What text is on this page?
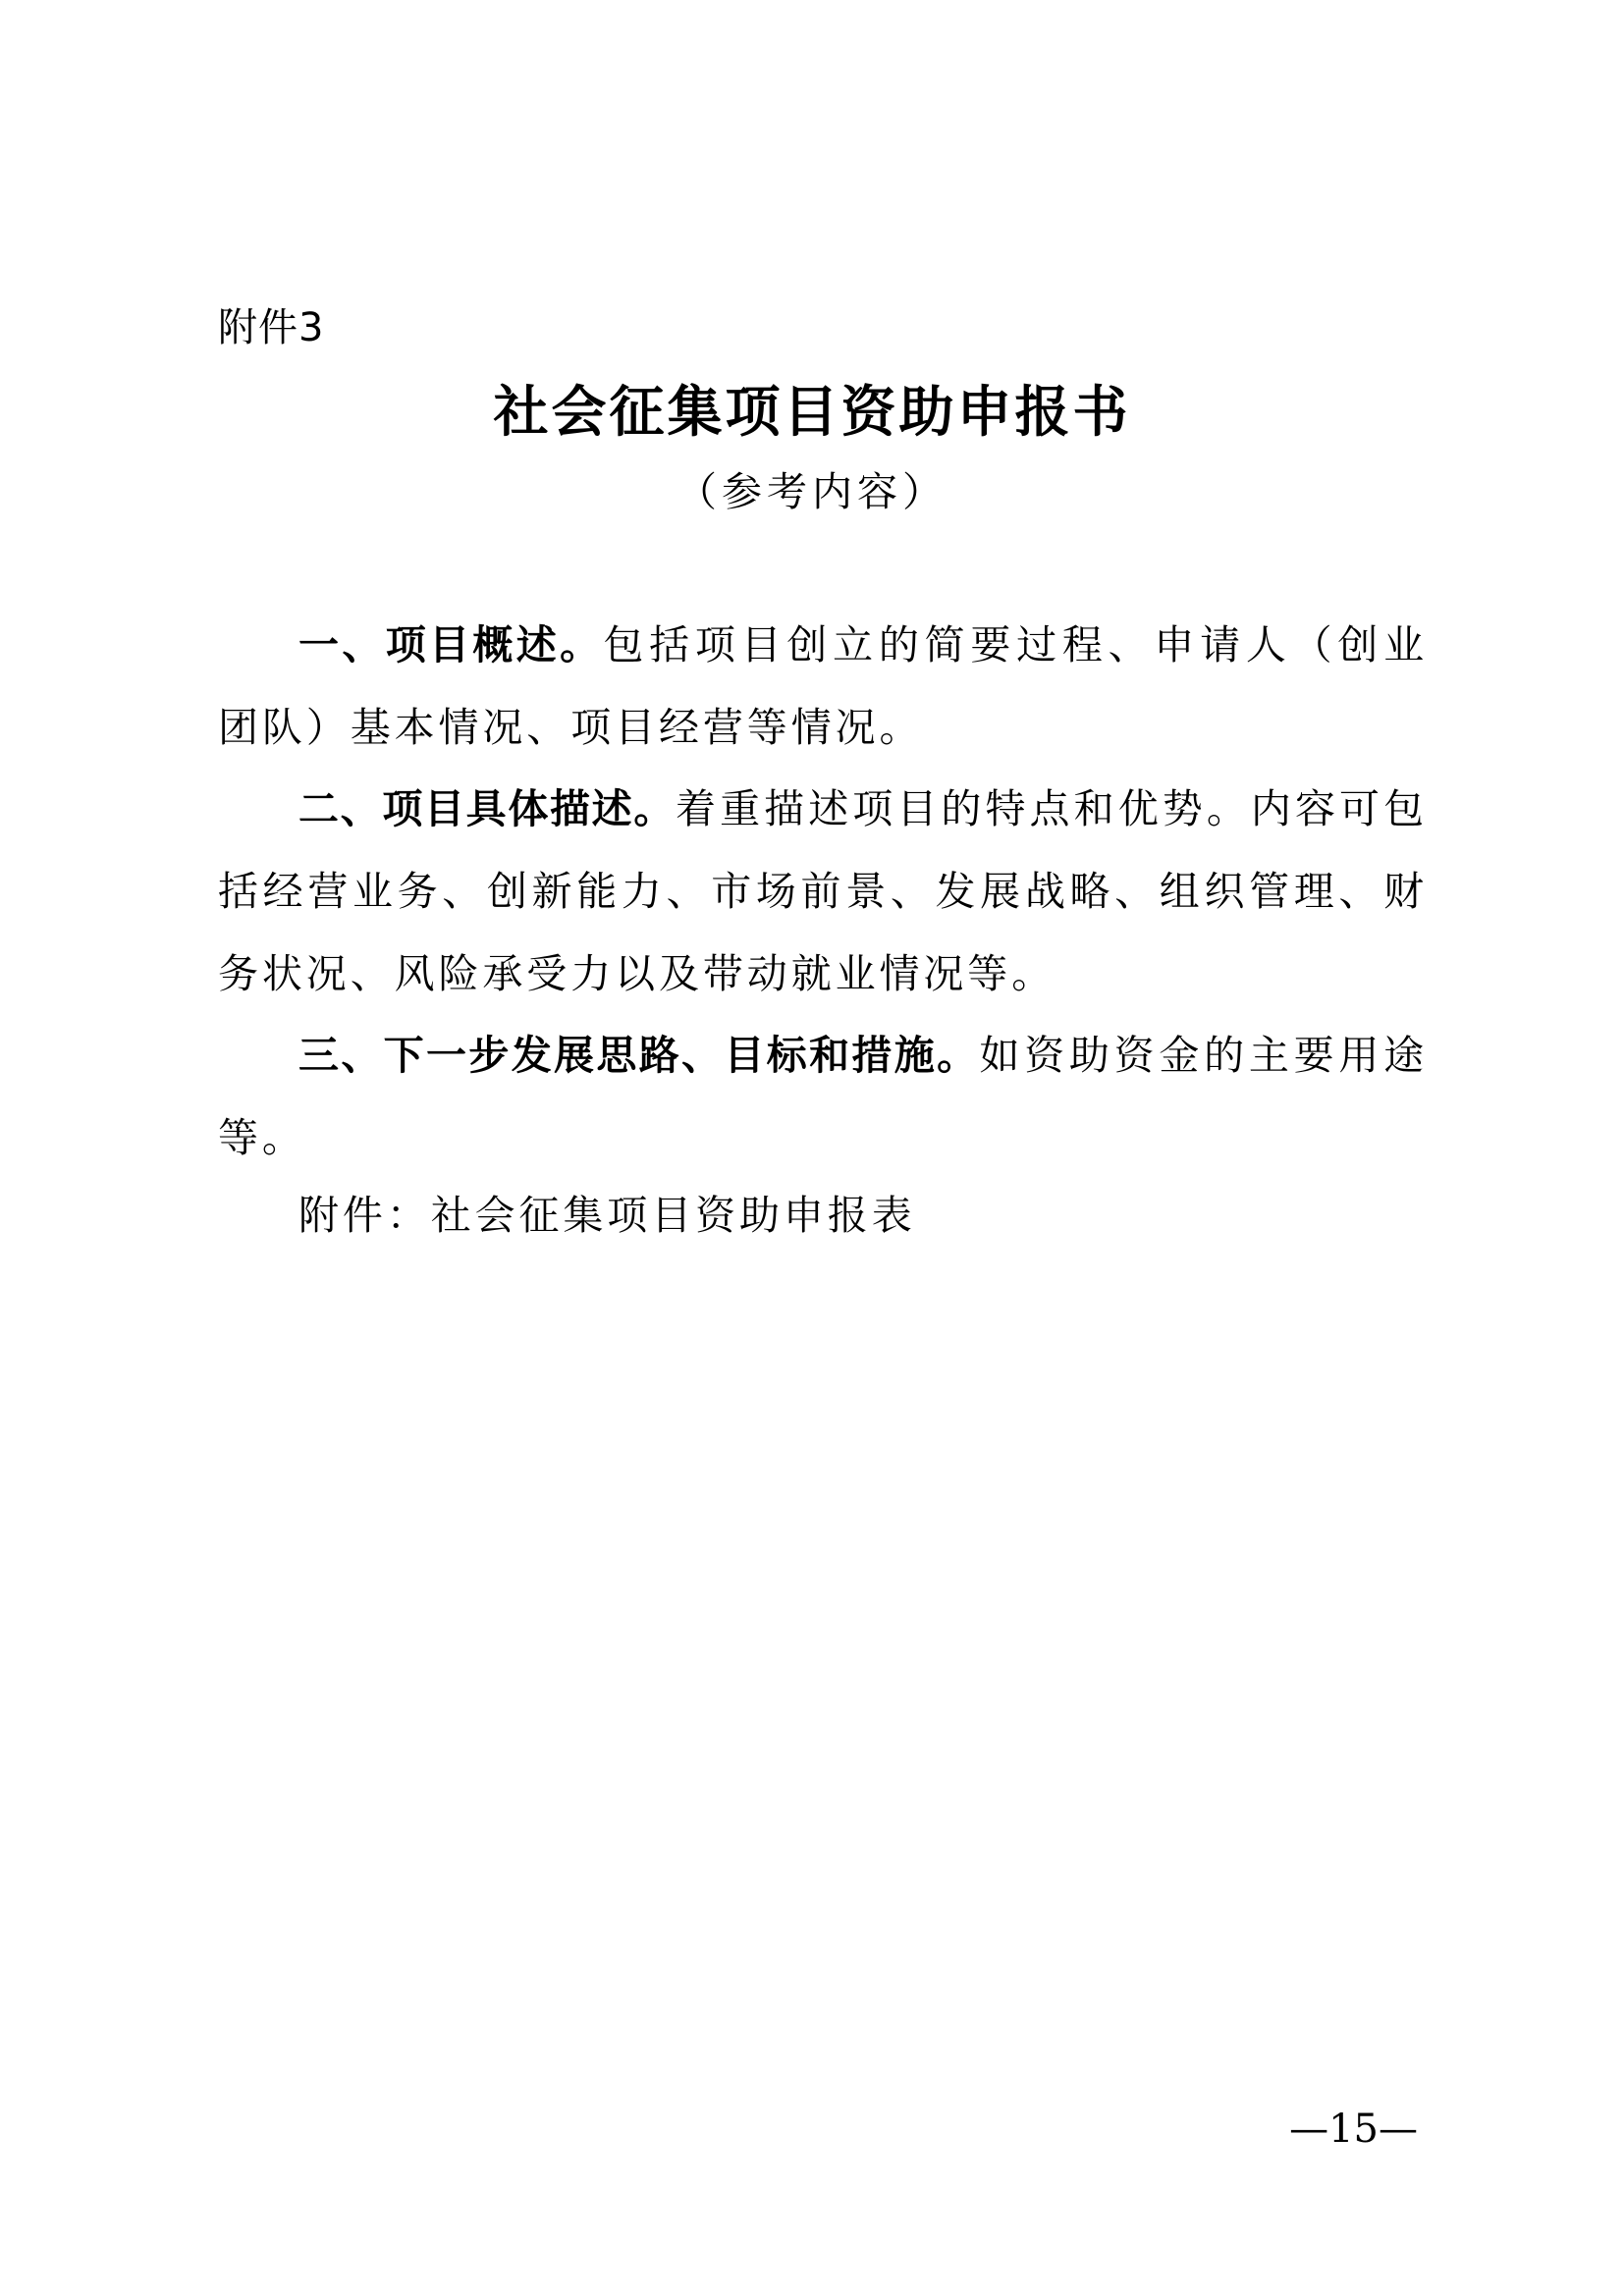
附件3
社会征集项目资助申报书
（参考内容）

一、项目概述。包括项目创立的简要过程、申请人（创业团队）基本情况、项目经营等情况。

二、项目具体描述。着重描述项目的特点和优势。内容可包括经营业务、创新能力、市场前景、发展战略、组织管理、财务状况、风险承受力以及带动就业情况等。

三、下一步发展思路、目标和措施。如资助资金的主要用途等。

附件：社会征集项目资助申报表
—15—
